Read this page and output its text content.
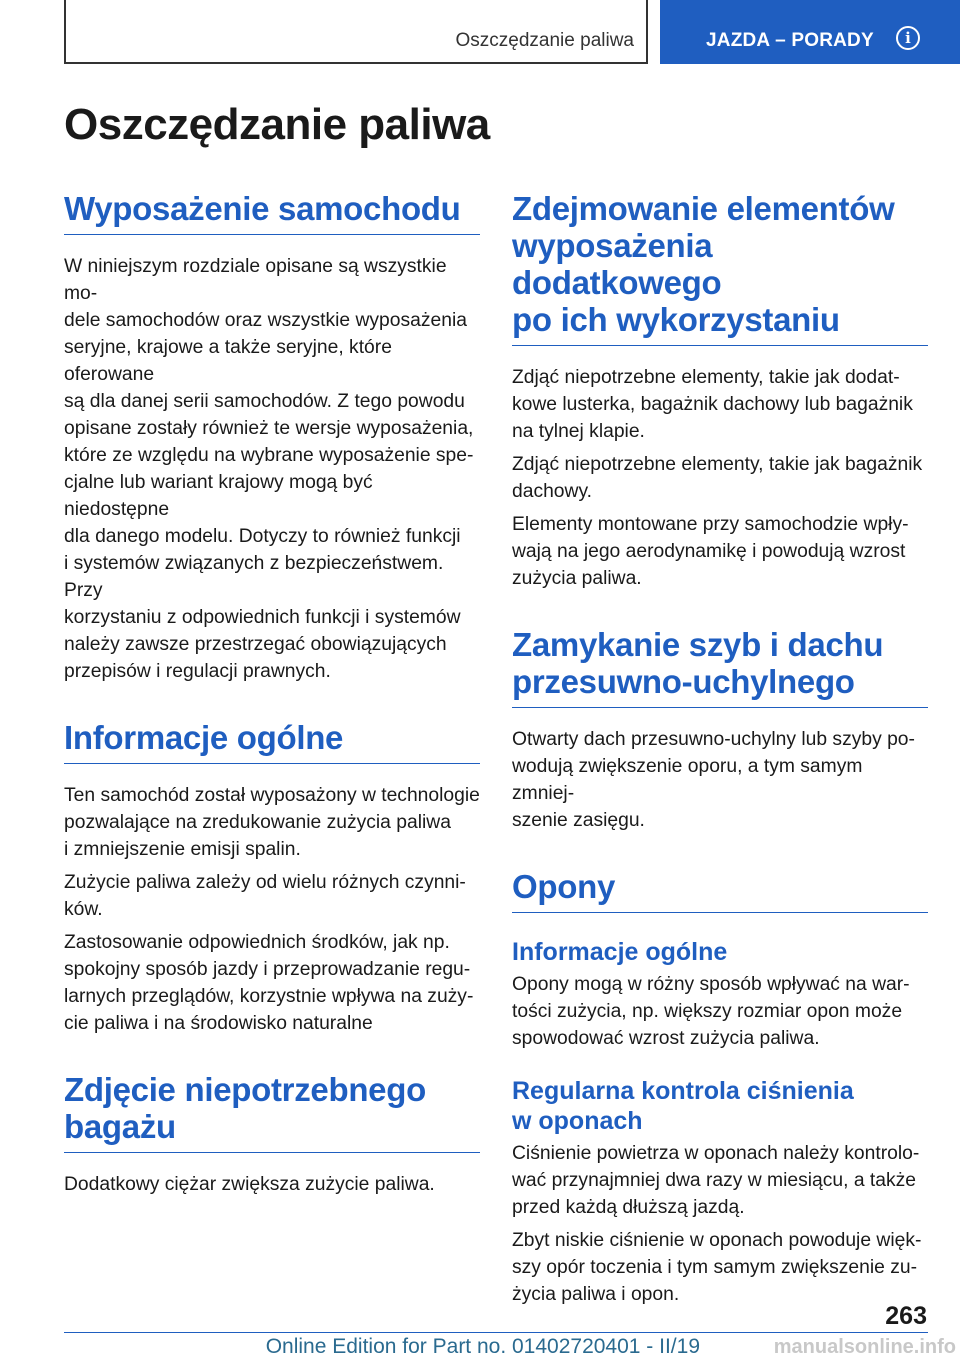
Oszczędzanie paliwa	JAZDA – PORADY	i
Oszczędzanie paliwa
Wyposażenie samochodu

W niniejszym rozdziale opisane są wszystkie mo-
dele samochodów oraz wszystkie wyposażenia
seryjne, krajowe a także seryjne, które oferowane
są dla danej serii samochodów. Z tego powodu
opisane zostały również te wersje wyposażenia,
które ze względu na wybrane wyposażenie spe-
cjalne lub wariant krajowy mogą być niedostępne
dla danego modelu. Dotyczy to również funkcji
i systemów związanych z bezpieczeństwem. Przy
korzystaniu z odpowiednich funkcji i systemów
należy zawsze przestrzegać obowiązujących
przepisów i regulacji prawnych.

Informacje ogólne

Ten samochód został wyposażony w technologie
pozwalające na zredukowanie zużycia paliwa
i zmniejszenie emisji spalin.

Zużycie paliwa zależy od wielu różnych czynni-
ków.

Zastosowanie odpowiednich środków, jak np.
spokojny sposób jazdy i przeprowadzanie regu-
larnych przeglądów, korzystnie wpływa na zuży-
cie paliwa i na środowisko naturalne

Zdjęcie niepotrzebnego
bagażu

Dodatkowy ciężar zwiększa zużycie paliwa.

Zdejmowanie elementów
wyposażenia dodatkowego
po ich wykorzystaniu

Zdjąć niepotrzebne elementy, takie jak dodat-
kowe lusterka, bagażnik dachowy lub bagażnik
na tylnej klapie.

Zdjąć niepotrzebne elementy, takie jak bagażnik
dachowy.

Elementy montowane przy samochodzie wpły-
wają na jego aerodynamikę i powodują wzrost
zużycia paliwa.

Zamykanie szyb i dachu
przesuwno-uchylnego

Otwarty dach przesuwno-uchylny lub szyby po-
wodują zwiększenie oporu, a tym samym zmniej-
szenie zasięgu.

Opony
Informacje ogólne

Opony mogą w różny sposób wpływać na war-
tości zużycia, np. większy rozmiar opon może
spowodować wzrost zużycia paliwa.

Regularna kontrola ciśnienia
w oponach

Ciśnienie powietrza w oponach należy kontrolo-
wać przynajmniej dwa razy w miesiącu, a także
przed każdą dłuższą jazdą.

Zbyt niskie ciśnienie w oponach powoduje więk-
szy opór toczenia i tym samym zwiększenie zu-
życia paliwa i opon.

263
Online Edition for Part no. 01402720401 - II/19	manualsonline.info
